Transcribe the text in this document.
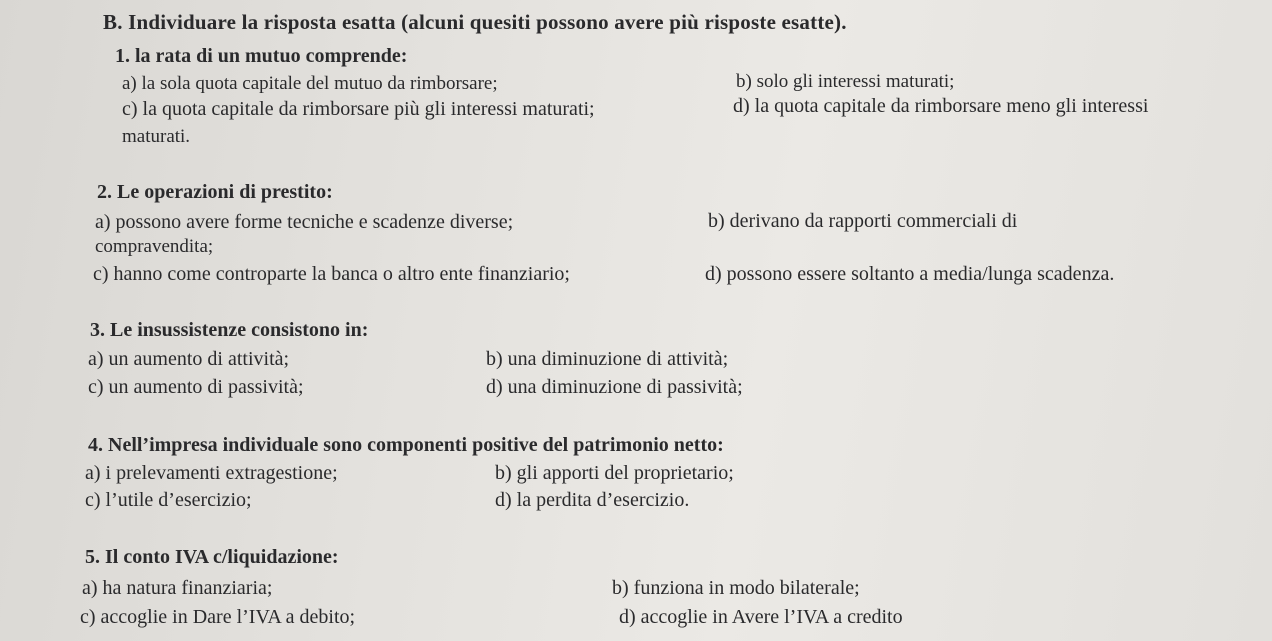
B. Individuare la risposta esatta (alcuni quesiti possono avere più risposte esatte).
1. la rata di un mutuo comprende:
a) la sola quota capitale del mutuo da rimborsare;	b) solo gli interessi maturati;
c) la quota capitale da rimborsare più gli interessi maturati;	d) la quota capitale da rimborsare meno gli interessi
maturati.
2. Le operazioni di prestito:
a) possono avere forme tecniche e scadenze diverse;	b) derivano da rapporti commerciali di
compravendita;
c) hanno come controparte la banca o altro ente finanziario;	d) possono essere soltanto a media/lunga scadenza.
3. Le insussistenze consistono in:
a) un aumento di attività;	b) una diminuzione di attività;
c) un aumento di passività;	d) una diminuzione di passività;
4. Nell’impresa individuale sono componenti positive del patrimonio netto:
a) i prelevamenti extragestione;	b) gli apporti del proprietario;
c) l’utile d’esercizio;	d) la perdita d’esercizio.
5. Il conto IVA c/liquidazione:
a) ha natura finanziaria;	b) funziona in modo bilaterale;
c) accoglie in Dare l’IVA a debito;	d) accoglie in Avere l’IVA a credito
